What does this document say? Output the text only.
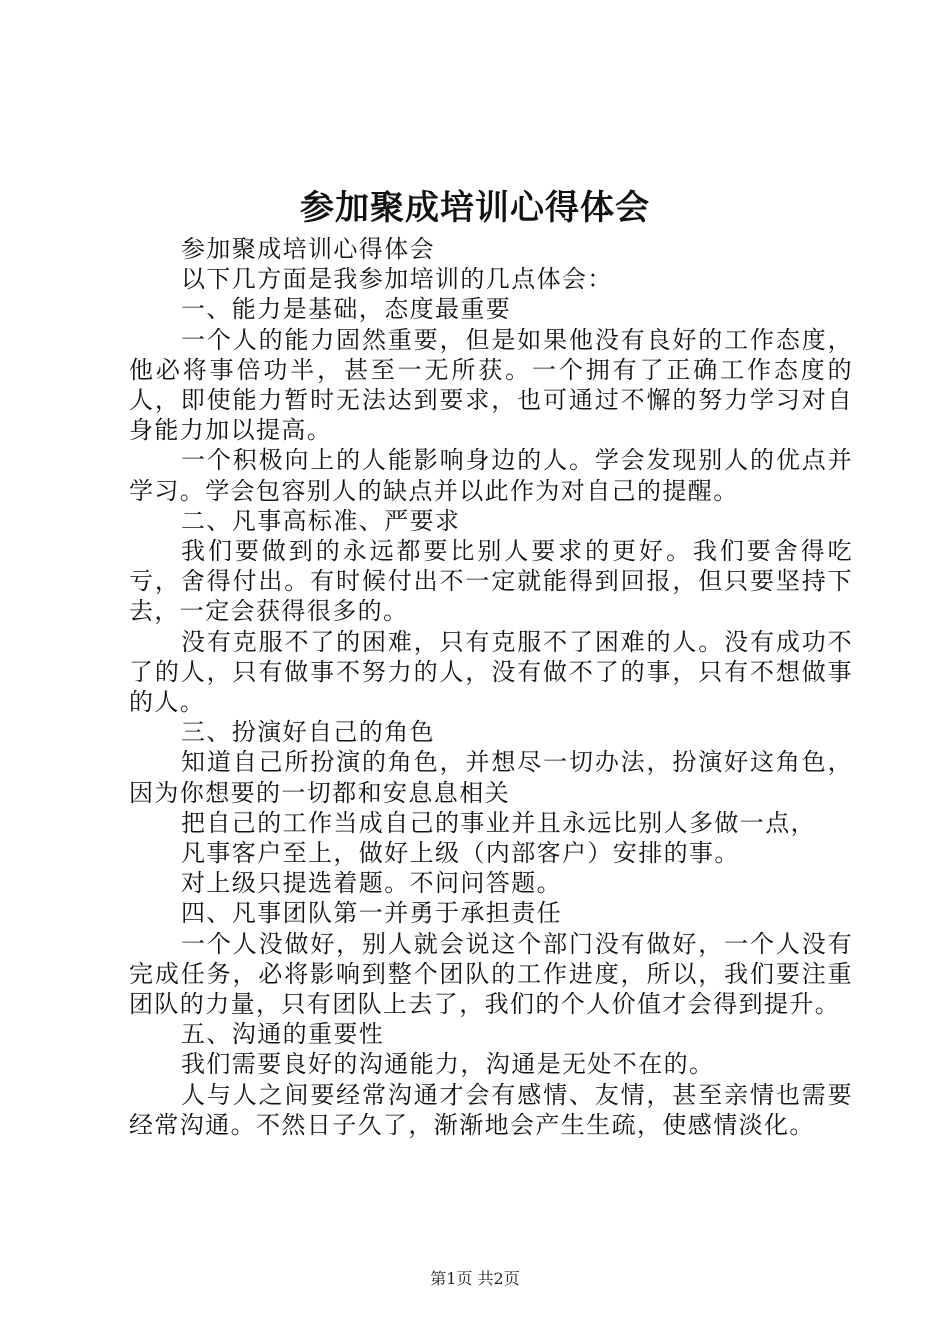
参加聚成培训心得体会

参加聚成培训心得体会

以下几方面是我参加培训的几点体会：

一、能力是基础，态度最重要

一个人的能力固然重要，但是如果他没有良好的工作态度，他必将事倍功半，甚至一无所获。一个拥有了正确工作态度的人，即使能力暂时无法达到要求，也可通过不懈的努力学习对自身能力加以提高。

一个积极向上的人能影响身边的人。学会发现别人的优点并学习。学会包容别人的缺点并以此作为对自己的提醒。

二、凡事高标准、严要求

我们要做到的永远都要比别人要求的更好。我们要舍得吃亏，舍得付出。有时候付出不一定就能得到回报，但只要坚持下去，一定会获得很多的。

没有克服不了的困难，只有克服不了困难的人。没有成功不了的人，只有做事不努力的人，没有做不了的事，只有不想做事的人。

三、扮演好自己的角色

知道自己所扮演的角色，并想尽一切办法，扮演好这角色，因为你想要的一切都和安息息相关

把自己的工作当成自己的事业并且永远比别人多做一点，

凡事客户至上，做好上级（内部客户）安排的事。

对上级只提选着题。不问问答题。

四、凡事团队第一并勇于承担责任

一个人没做好，别人就会说这个部门没有做好，一个人没有完成任务，必将影响到整个团队的工作进度，所以，我们要注重团队的力量，只有团队上去了，我们的个人价值才会得到提升。

五、沟通的重要性

我们需要良好的沟通能力，沟通是无处不在的。

人与人之间要经常沟通才会有感情、友情，甚至亲情也需要经常沟通。不然日子久了，渐渐地会产生生疏，使感情淡化。

第1页 共2页
